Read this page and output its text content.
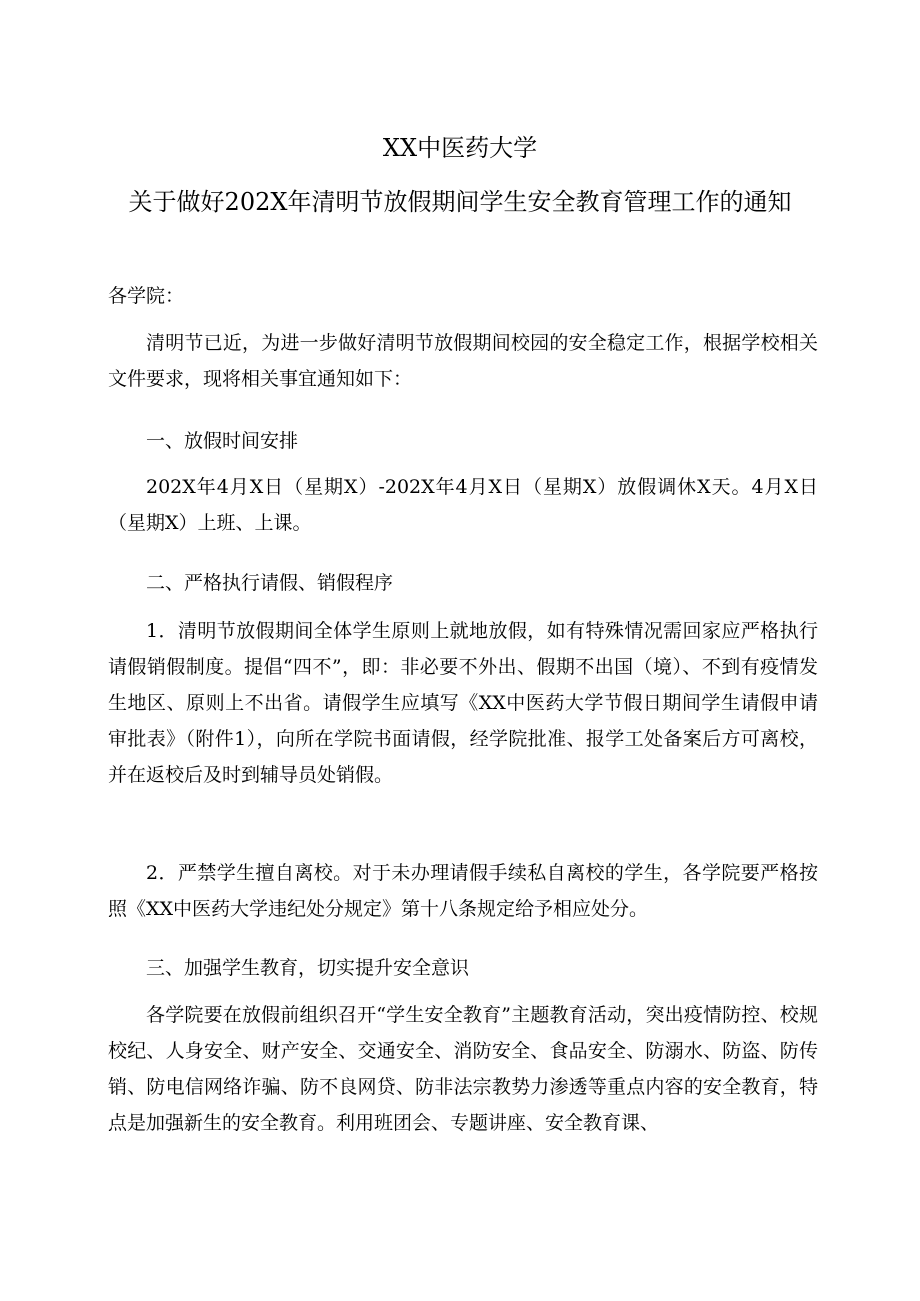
XX中医药大学
关于做好202X年清明节放假期间学生安全教育管理工作的通知
各学院：
清明节已近，为进一步做好清明节放假期间校园的安全稳定工作，根据学校相关文件要求，现将相关事宜通知如下：
一、放假时间安排
202X年4月X日（星期X）-202X年4月X日（星期X）放假调休X天。4月X日（星期X）上班、上课。
二、严格执行请假、销假程序
1．清明节放假期间全体学生原则上就地放假，如有特殊情况需回家应严格执行请假销假制度。提倡“四不”，即：非必要不外出、假期不出国（境）、不到有疫情发生地区、原则上不出省。请假学生应填写《XX中医药大学节假日期间学生请假申请审批表》（附件1），向所在学院书面请假，经学院批准、报学工处备案后方可离校，并在返校后及时到辅导员处销假。
2．严禁学生擅自离校。对于未办理请假手续私自离校的学生，各学院要严格按照《XX中医药大学违纪处分规定》第十八条规定给予相应处分。
三、加强学生教育，切实提升安全意识
各学院要在放假前组织召开“学生安全教育”主题教育活动，突出疫情防控、校规校纪、人身安全、财产安全、交通安全、消防安全、食品安全、防溺水、防盗、防传销、防电信网络诈骗、防不良网贷、防非法宗教势力渗透等重点内容的安全教育，特点是加强新生的安全教育。利用班团会、专题讲座、安全教育课、
